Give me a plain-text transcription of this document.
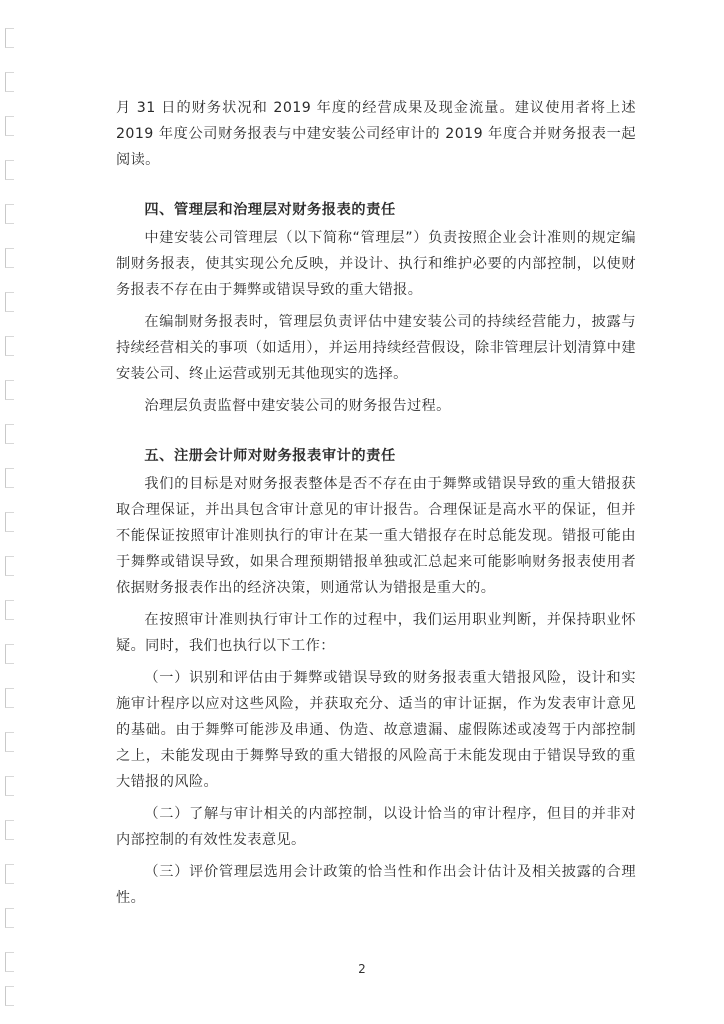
月 31 日的财务状况和 2019 年度的经营成果及现金流量。建议使用者将上述 2019 年度公司财务报表与中建安装公司经审计的 2019 年度合并财务报表一起阅读。

四、管理层和治理层对财务报表的责任

中建安装公司管理层（以下简称“管理层”）负责按照企业会计准则的规定编制财务报表，使其实现公允反映，并设计、执行和维护必要的内部控制，以使财务报表不存在由于舞弊或错误导致的重大错报。

在编制财务报表时，管理层负责评估中建安装公司的持续经营能力，披露与持续经营相关的事项（如适用），并运用持续经营假设，除非管理层计划清算中建安装公司、终止运营或别无其他现实的选择。

治理层负责监督中建安装公司的财务报告过程。

五、注册会计师对财务报表审计的责任

我们的目标是对财务报表整体是否不存在由于舞弊或错误导致的重大错报获取合理保证，并出具包含审计意见的审计报告。合理保证是高水平的保证，但并不能保证按照审计准则执行的审计在某一重大错报存在时总能发现。错报可能由于舞弊或错误导致，如果合理预期错报单独或汇总起来可能影响财务报表使用者依据财务报表作出的经济决策，则通常认为错报是重大的。

在按照审计准则执行审计工作的过程中，我们运用职业判断，并保持职业怀疑。同时，我们也执行以下工作：

（一）识别和评估由于舞弊或错误导致的财务报表重大错报风险，设计和实施审计程序以应对这些风险，并获取充分、适当的审计证据，作为发表审计意见的基础。由于舞弊可能涉及串通、伪造、故意遗漏、虚假陈述或凌驾于内部控制之上，未能发现由于舞弊导致的重大错报的风险高于未能发现由于错误导致的重大错报的风险。

（二）了解与审计相关的内部控制，以设计恰当的审计程序，但目的并非对内部控制的有效性发表意见。

（三）评价管理层选用会计政策的恰当性和作出会计估计及相关披露的合理性。

2
